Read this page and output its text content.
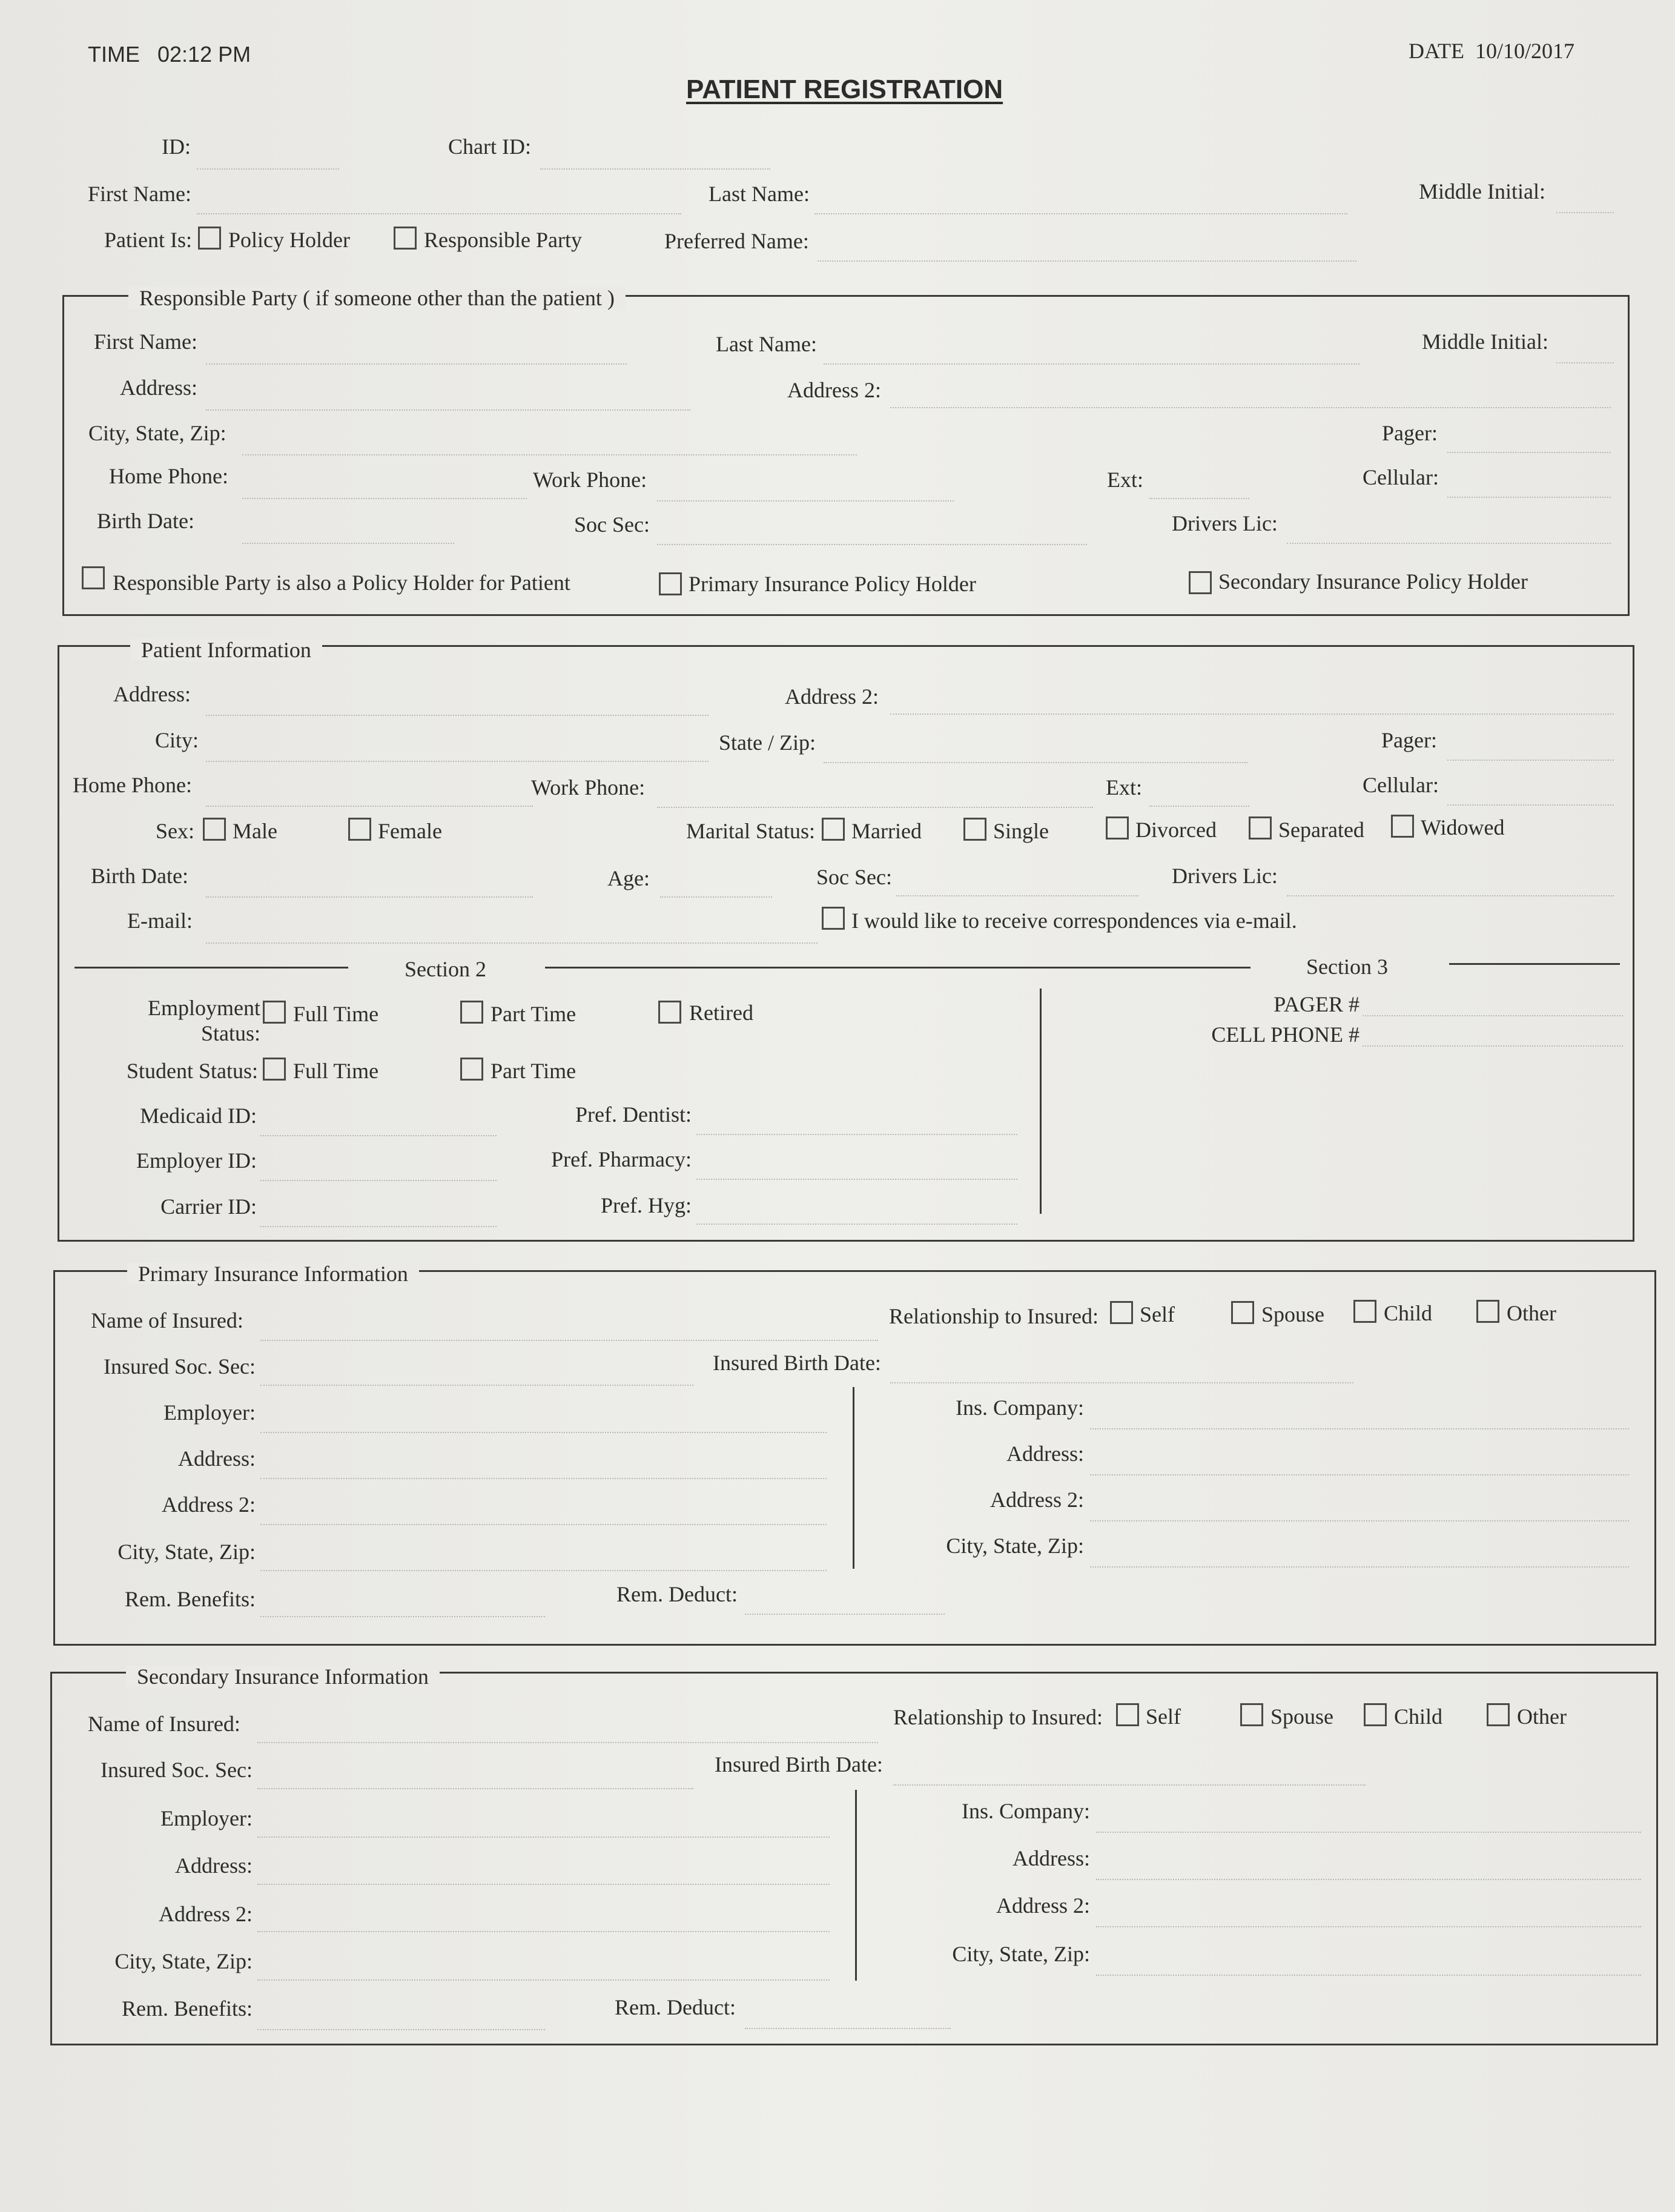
TIME 02:12 PM
PATIENT REGISTRATION
DATE 10/10/2017
ID:	Chart ID:
First Name:	Last Name:	Middle Initial:
Patient Is: Policy Holder	Responsible Party	Preferred Name:
Responsible Party ( if someone other than the patient )
First Name:	Last Name:	Middle Initial:
Address:	Address 2:
City, State, Zip:	Pager:
Home Phone:	Work Phone:	Ext:	Cellular:
Birth Date:	Soc Sec:	Drivers Lic:
Responsible Party is also a Policy Holder for Patient	Primary Insurance Policy Holder	Secondary Insurance Policy Holder
Patient Information
Address:	Address 2:
City:	State / Zip:	Pager:
Home Phone:	Work Phone:	Ext:	Cellular:
Sex: Male	Female	Marital Status: Married	Single	Divorced	Separated	Widowed
Birth Date:	Age:	Soc Sec:	Drivers Lic:
E-mail:	I would like to receive correspondences via e-mail.
Section 2	Section 3
Employment
Status:
Full Time	Part Time	Retired
Student Status: Full Time	Part Time
Medicaid ID:	Pref. Dentist:
Employer ID:	Pref. Pharmacy:
Carrier ID:	Pref. Hyg:
PAGER #
CELL PHONE #
Primary Insurance Information
Name of Insured:	Relationship to Insured: Self	Spouse	Child	Other
Insured Soc. Sec:	Insured Birth Date:
Employer:	Ins. Company:
Address:	Address:
Address 2:	Address 2:
City, State, Zip:	City, State, Zip:
Rem. Benefits:	Rem. Deduct:
Secondary Insurance Information
Name of Insured:	Relationship to Insured: Self	Spouse	Child	Other
Insured Soc. Sec:	Insured Birth Date:
Employer:	Ins. Company:
Address:	Address:
Address 2:	Address 2:
City, State, Zip:	City, State, Zip:
Rem. Benefits:	Rem. Deduct:
